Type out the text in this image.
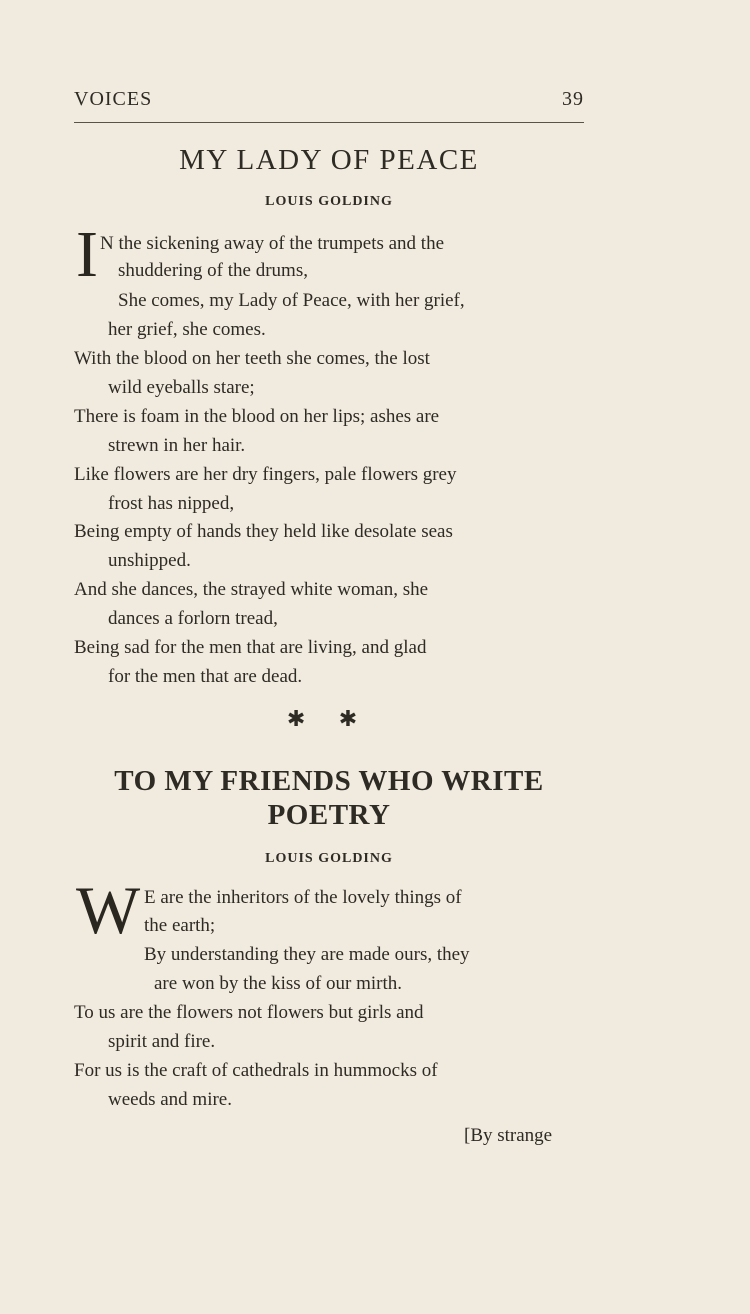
VOICES	39
MY LADY OF PEACE
LOUIS GOLDING
I N the sickening away of the trumpets and the
shuddering of the drums,
She comes, my Lady of Peace, with her grief,
her grief, she comes.
With the blood on her teeth she comes, the lost
wild eyeballs stare;
There is foam in the blood on her lips; ashes are
strewn in her hair.
Like flowers are her dry fingers, pale flowers grey
frost has nipped,
Being empty of hands they held like desolate seas
unshipped.
And she dances, the strayed white woman, she
dances a forlorn tread,
Being sad for the men that are living, and glad
for the men that are dead.
✱ ✱
TO MY FRIENDS WHO WRITE
POETRY
LOUIS GOLDING
W E are the inheritors of the lovely things of
the earth;
By understanding they are made ours, they
are won by the kiss of our mirth.
To us are the flowers not flowers but girls and
spirit and fire.
For us is the craft of cathedrals in hummocks of
weeds and mire.
[By strange
